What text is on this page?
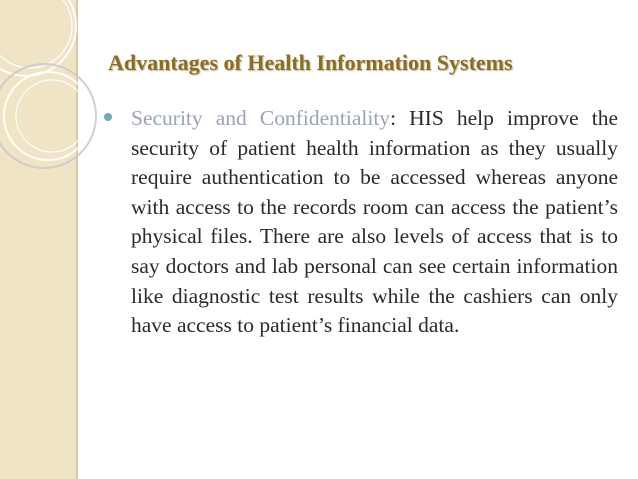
Advantages of Health Information Systems

Security and Confidentiality: HIS help improve the security of patient health information as they usually require authentication to be accessed whereas anyone with access to the records room can access the patient’s physical files. There are also levels of access that is to say doctors and lab personal can see certain information like diagnostic test results while the cashiers can only have access to patient’s financial data.
